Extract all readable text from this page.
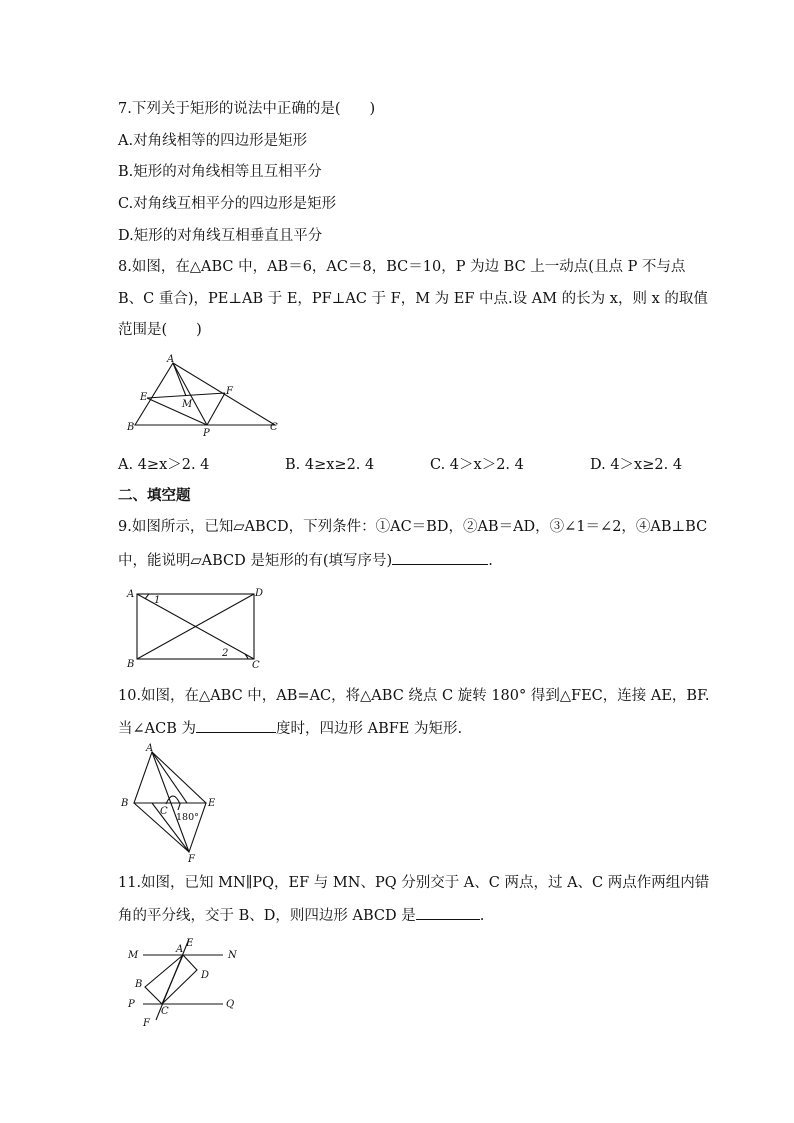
7.下列关于矩形的说法中正确的是(　　)
A.对角线相等的四边形是矩形
B.矩形的对角线相等且互相平分
C.对角线互相平分的四边形是矩形
D.矩形的对角线互相垂直且平分
8.如图，在△ABC 中，AB＝6，AC＝8，BC＝10，P 为边 BC 上一动点(且点 P 不与点
B、C 重合)，PE⊥AB 于 E，PF⊥AC 于 F，M 为 EF 中点.设 AM 的长为 x，则 x 的取值
范围是(　　)
A
E
F
M
B
P
C
A. 4≥x＞2. 4	B. 4≥x≥2. 4	C. 4＞x＞2. 4	D. 4＞x≥2. 4
二、填空题
9.如图所示，已知▱ABCD，下列条件：①AC＝BD，②AB＝AD，③∠1＝∠2，④AB⊥BC
中，能说明▱ABCD 是矩形的有(填写序号)	.
A	D
B	C
1
2
10.如图，在△ABC 中，AB=AC，将△ABC 绕点 C 旋转 180° 得到△FEC，连接 AE，BF.
当∠ACB 为	度时，四边形 ABFE 为矩形.
A
B
C
E
F
180°
11.如图，已知 MN∥PQ，EF 与 MN、PQ 分别交于 A、C 两点，过 A、C 两点作两组内错
角的平分线，交于 B、D，则四边形 ABCD 是	.
M	N
E
A
B
D
P	Q
C
F
